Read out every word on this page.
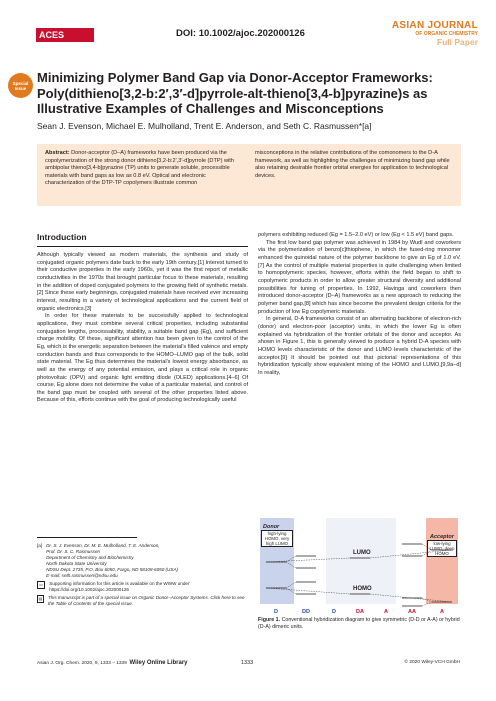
ACES Asian Chemical Editorial Society
DOI: 10.1002/ajoc.202000126
ASIAN JOURNAL
OF ORGANIC CHEMISTRY
Full Paper
Special
Issue
Minimizing Polymer Band Gap via Donor-Acceptor Frameworks: Poly(dithieno[3,2-b:2′,3′-d]pyrrole-alt-thieno[3,4-b]pyrazine)s as Illustrative Examples of Challenges and Misconceptions
Sean J. Evenson, Michael E. Mulholland, Trent E. Anderson, and Seth C. Rasmussen*[a]
Abstract: Donor-acceptor (D–A) frameworks have been produced via the copolymerization of the strong donor dithieno[3,2-b:2′,3′-d]pyrrole (DTP) with ambipolar thieno[3,4-b]pyrazine (TP) units to generate soluble, processible materials with band gaps as low as 0.8 eV. Optical and electronic characterization of the DTP-TP copolymers illustrate common
misconceptions in the relative contributions of the comonomers to the D-A framework, as well as highlighting the challenges of minimizing band gap while also retaining desirable frontier orbital energies for application to technological devices.
Introduction

Although typically viewed as modern materials, the synthesis and study of conjugated organic polymers date back to the early 19th century.[1] Interest turned to their conductive properties in the early 1960s, yet it was the first report of metallic conductivities in the 1970s that brought particular focus to these materials, resulting in the addition of doped conjugated polymers to the growing field of synthetic metals.[2] Since these early beginnings, conjugated materials have received ever increasing interest, resulting in a variety of technological applications and the current field of organic electronics.[3]

In order for these materials to be successfully applied to technological applications, they must combine several critical properties, including substantial conjugation lengths, processability, stability, a suitable band gap (Eg), and sufficient charge mobility. Of these, significant attention has been given to the control of the Eg, which is the energetic separation between the material's filled valence and empty conduction bands and thus corresponds to the HOMO–LUMO gap of the bulk, solid state material. The Eg thus determines the material's lowest energy absorbance, as well as the energy of any potential emission, and plays a critical role in organic photovoltaic (OPV) and organic light emitting diode (OLED) applications.[4–6] Of course, Eg alone does not determine the value of a particular material, and control of the band gap must be coupled with several of the other properties listed above. Because of this, efforts continue with the goal of producing technologically useful

[a] Dr. S. J. Evenson, Dr. M. E. Mulholland, T. E. Anderson,
Prof. Dr. S. C. Rasmussen
Department of Chemistry and Biochemistry
North Dakota State University
NDSU Dept. 2735, P.O. Box 6050, Fargo, ND 58108-6050 (USA)
E-mail: seth.rasmussen@ndsu.edu
▭	Supporting information for this article is available on the WWW under https://doi.org/10.1002/ajoc.202000126
▤	This manuscript is part of a special issue on Organic Donor–Acceptor Systems. Click here to see the Table of Contents of the special issue.

polymers exhibiting reduced (Eg = 1.5–2.0 eV) or low (Eg < 1.5 eV) band gaps.

The first low band gap polymer was achieved in 1984 by Wudl and coworkers via the polymerization of benzo[c]thiophene, in which the fused-ring monomer enhanced the quinoidal nature of the polymer backbone to give an Eg of 1.0 eV.[7] As the control of multiple material properties is quite challenging when limited to homopolymeric species, however, efforts within the field began to shift to copolymeric products in order to allow greater structural diversity and additional possibilities for tuning of properties. In 1992, Havinga and coworkers then introduced donor-acceptor (D–A) frameworks as a new approach to reducing the polymer band gap,[8] which has since become the prevalent design criteria for the production of low Eg copolymeric materials.

In general, D-A frameworks consist of an alternating backbone of electron-rich (donor) and electron-poor (acceptor) units, in which the lower Eg is often explained via hybridization of the frontier orbitals of the donor and acceptor. As shown in Figure 1, this is generally viewed to produce a hybrid D-A species with HOMO levels characteristic of the donor and LUMO levels characteristic of the acceptor.[9] It should be pointed out that pictorial representations of this hybridization typically show equivalent mixing of the HOMO and LUMO,[9,9a–d] In reality,

Donor
high-lying HOMO, very high LUMO
Acceptor
low-lying LUMO, deep HOMO
LUMO
HOMO
D	DD	D	DA	A	AA	A
Figure 1. Conventional hybridization diagram to give symmetric (D-D or A-A) or hybrid (D-A) dimeric units.
Asian J. Org. Chem. 2020, 9, 1333 – 1339 Wiley Online Library	1333	© 2020 Wiley-VCH GmbH
